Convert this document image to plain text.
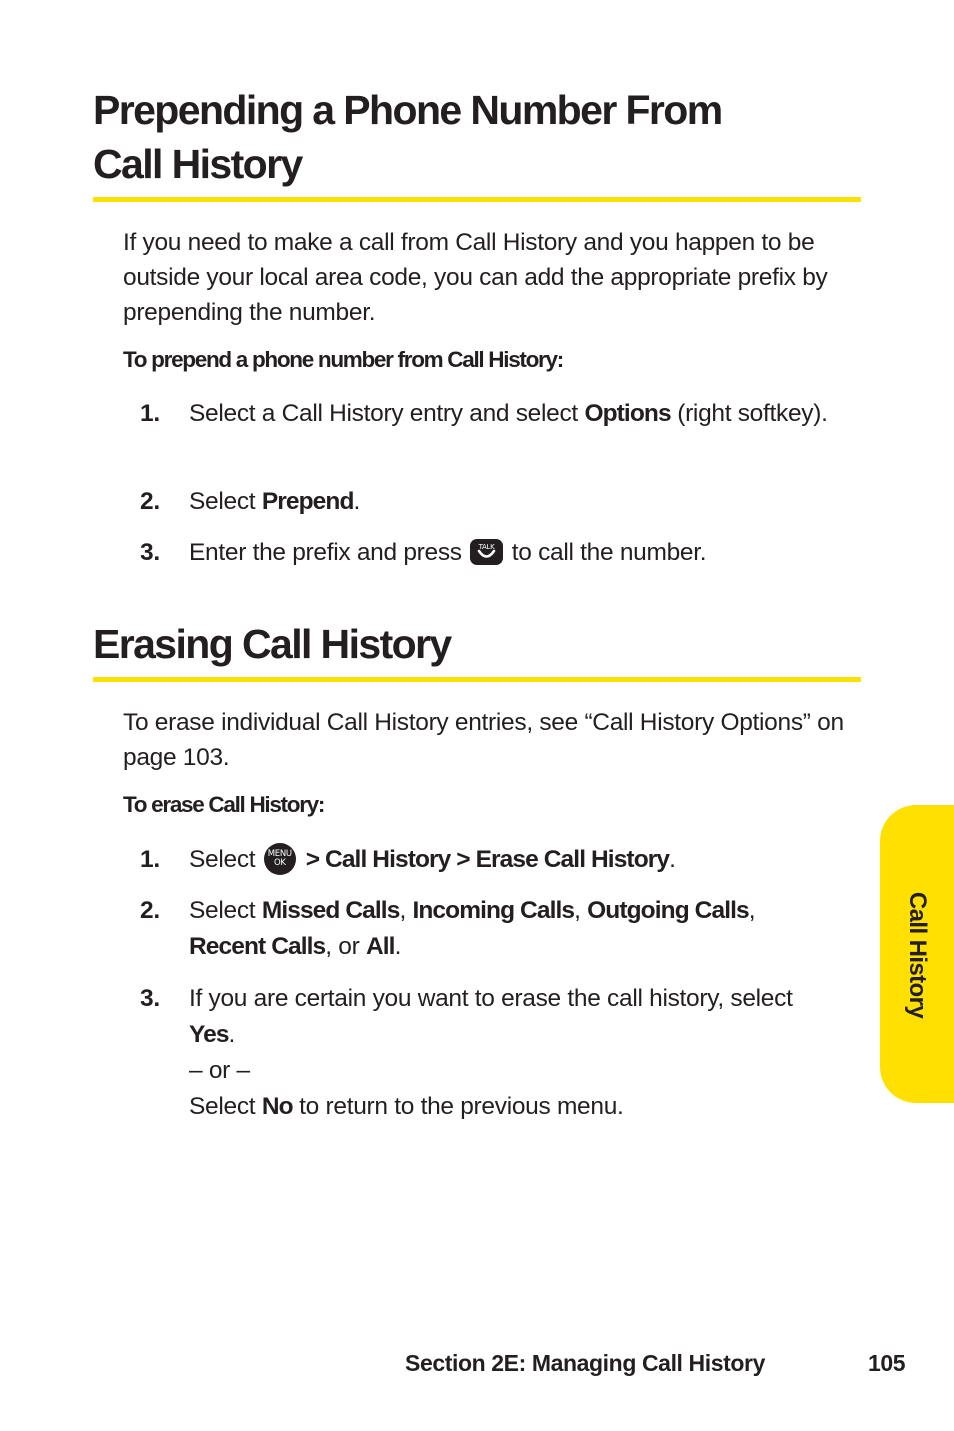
Prepending a Phone Number From
Call History

If you need to make a call from Call History and you happen to be outside your local area code, you can add the appropriate prefix by prepending the number.

To prepend a phone number from Call History:

1. Select a Call History entry and select Options (right softkey).
2. Select Prepend.
3. Enter the prefix and press TALK to call the number.
Erasing Call History

To erase individual Call History entries, see “Call History Options” on page 103.

To erase Call History:

1. Select MENU
OK > Call History > Erase Call History.
2. Select Missed Calls, Incoming Calls, Outgoing Calls,
Recent Calls, or All.
3. If you are certain you want to erase the call history, select Yes.
– or –
Select No to return to the previous menu.
Call History
Section 2E: Managing Call History	105
